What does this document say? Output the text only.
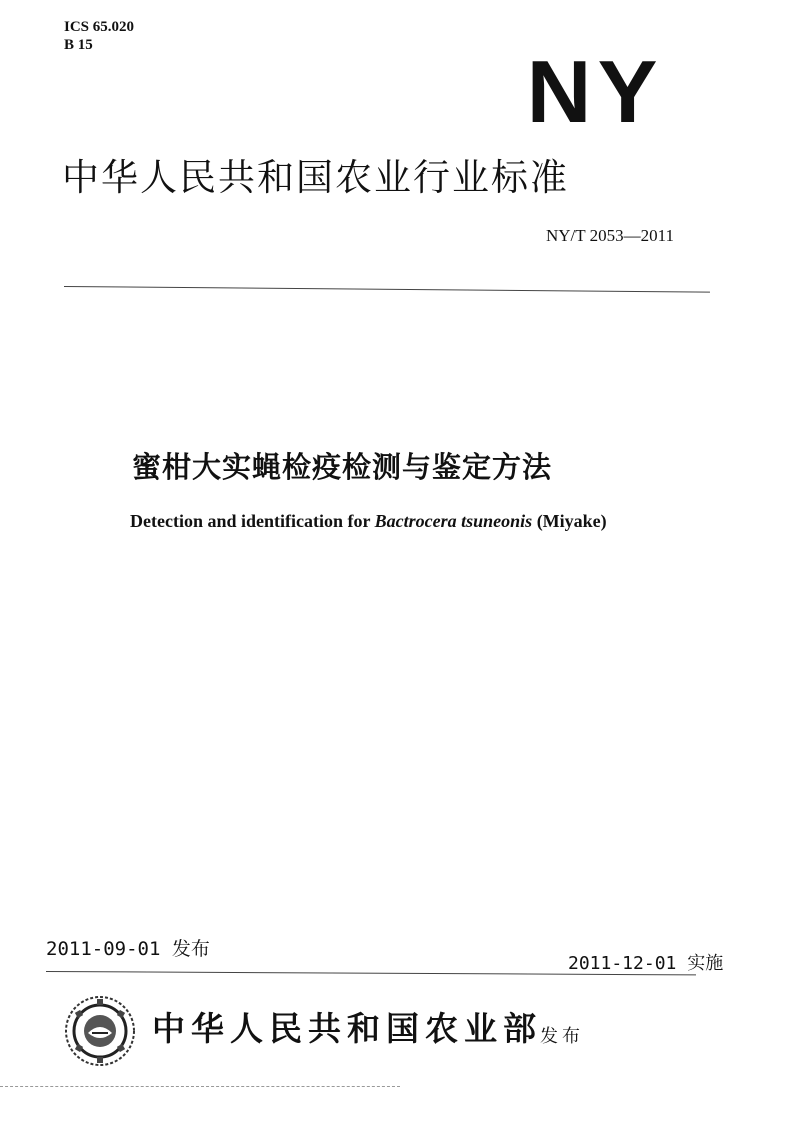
ICS 65.020
B 15	NY
中华人民共和国农业行业标准
NY/T 2053—2011
蜜柑大实蝇检疫检测与鉴定方法
Detection and identification for Bactrocera tsuneonis (Miyake)
2011-09-01 发布
2011-12-01 实施
中华人民共和国农业部
发布
